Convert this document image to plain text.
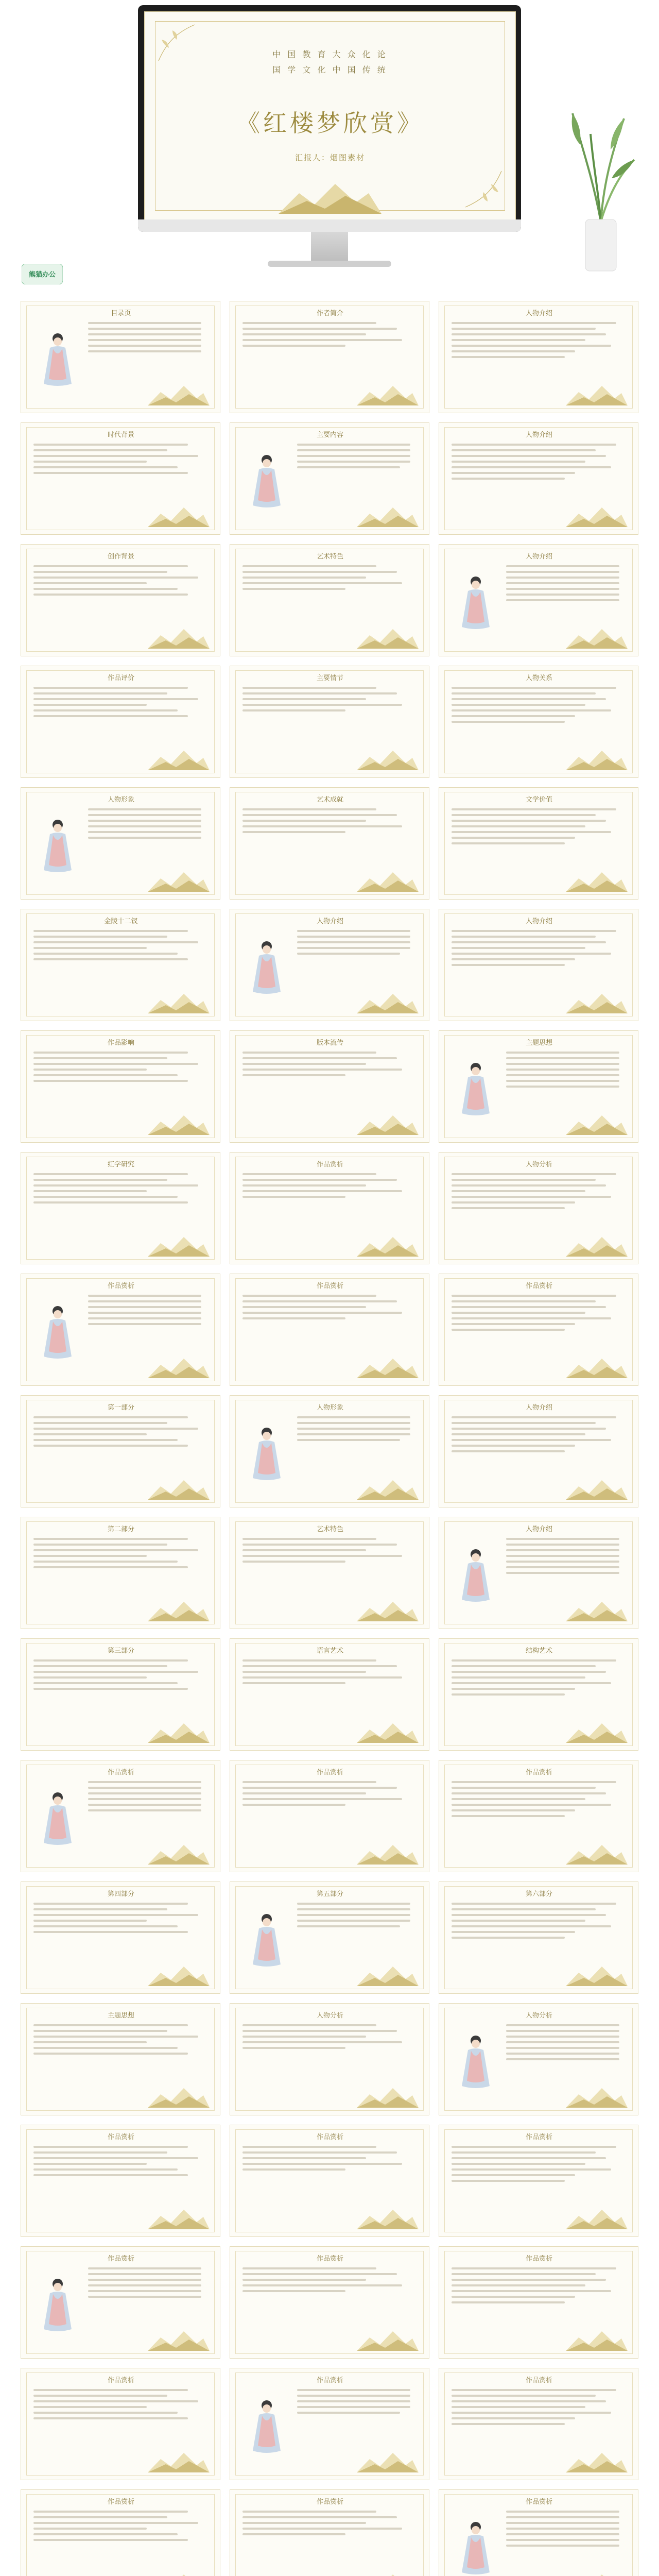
中 国 教 育 大 众 化 论
国 学 文 化 中 国 传 统
《红楼梦欣赏》
汇报人：烟图素材
熊猫办公
目录页	作者简介	人物介绍
时代背景	主要内容	人物介绍
创作背景	艺术特色	人物介绍
作品评价	主要情节	人物关系
人物形象	艺术成就	文学价值
金陵十二钗	人物介绍	人物介绍
作品影响	版本流传	主题思想
红学研究	作品赏析	人物分析
作品赏析	作品赏析	作品赏析
第一部分	人物形象	人物介绍
第二部分	艺术特色	人物介绍
第三部分	语言艺术	结构艺术
作品赏析	作品赏析	作品赏析
第四部分	第五部分	第六部分
主题思想	人物分析	人物分析
作品赏析	作品赏析	作品赏析
作品赏析	作品赏析	作品赏析
作品赏析	作品赏析	作品赏析
作品赏析	作品赏析	作品赏析
